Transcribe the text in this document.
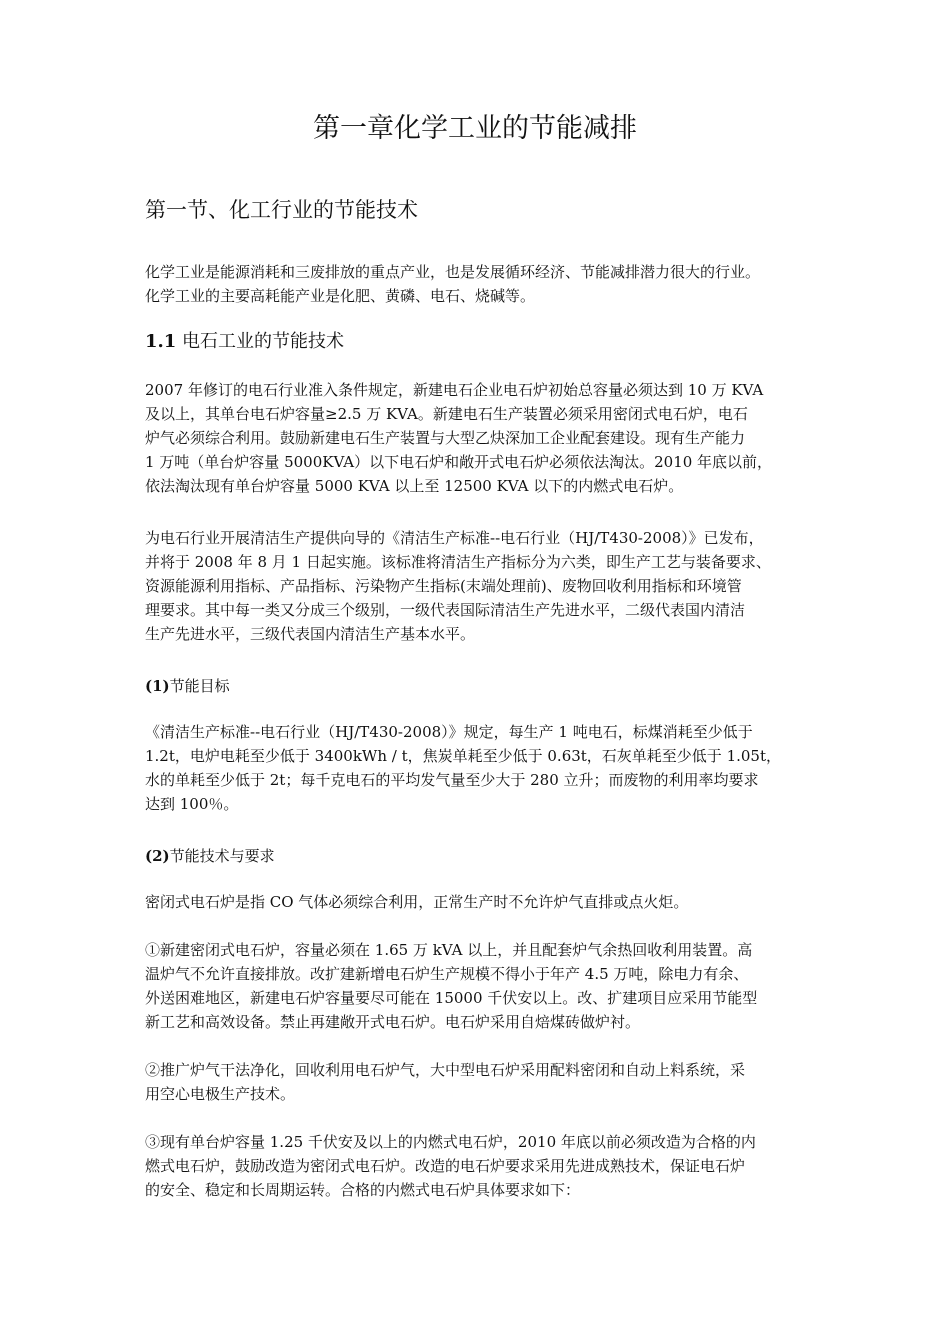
第一章化学工业的节能减排
第一节、化工行业的节能技术

化学工业是能源消耗和三废排放的重点产业，也是发展循环经济、节能减排潜力很大的行业。
化学工业的主要高耗能产业是化肥、黄磷、电石、烧碱等。

1.1 电石工业的节能技术

2007 年修订的电石行业准入条件规定，新建电石企业电石炉初始总容量必须达到 10 万 KVA
及以上，其单台电石炉容量≥2.5 万 KVA。新建电石生产装置必须采用密闭式电石炉，电石
炉气必须综合利用。鼓励新建电石生产装置与大型乙炔深加工企业配套建设。现有生产能力
1 万吨（单台炉容量 5000KVA）以下电石炉和敞开式电石炉必须依法淘汰。2010 年底以前，
依法淘汰现有单台炉容量 5000 KVA 以上至 12500 KVA 以下的内燃式电石炉。

为电石行业开展清洁生产提供向导的《清洁生产标准--电石行业（HJ/T430-2008）》已发布，
并将于 2008 年 8 月 1 日起实施。该标准将清洁生产指标分为六类，即生产工艺与装备要求、
资源能源利用指标、产品指标、污染物产生指标(末端处理前)、废物回收利用指标和环境管
理要求。其中每一类又分成三个级别，一级代表国际清洁生产先进水平，二级代表国内清洁
生产先进水平，三级代表国内清洁生产基本水平。

(1)节能目标

《清洁生产标准--电石行业（HJ/T430-2008）》规定，每生产 1 吨电石，标煤消耗至少低于
1.2t，电炉电耗至少低于 3400kWh / t，焦炭单耗至少低于 0.63t，石灰单耗至少低于 1.05t，
水的单耗至少低于 2t；每千克电石的平均发气量至少大于 280 立升；而废物的利用率均要求
达到 100％。

(2)节能技术与要求

密闭式电石炉是指 CO 气体必须综合利用，正常生产时不允许炉气直排或点火炬。

①新建密闭式电石炉，容量必须在 1.65 万 kVA 以上，并且配套炉气余热回收利用装置。高
温炉气不允许直接排放。改扩建新增电石炉生产规模不得小于年产 4.5 万吨，除电力有余、
外送困难地区，新建电石炉容量要尽可能在 15000 千伏安以上。改、扩建项目应采用节能型
新工艺和高效设备。禁止再建敞开式电石炉。电石炉采用自焙煤砖做炉衬。

②推广炉气干法净化，回收利用电石炉气，大中型电石炉采用配料密闭和自动上料系统，采
用空心电极生产技术。

③现有单台炉容量 1.25 千伏安及以上的内燃式电石炉，2010 年底以前必须改造为合格的内
燃式电石炉，鼓励改造为密闭式电石炉。改造的电石炉要求采用先进成熟技术，保证电石炉
的安全、稳定和长周期运转。合格的内燃式电石炉具体要求如下：
